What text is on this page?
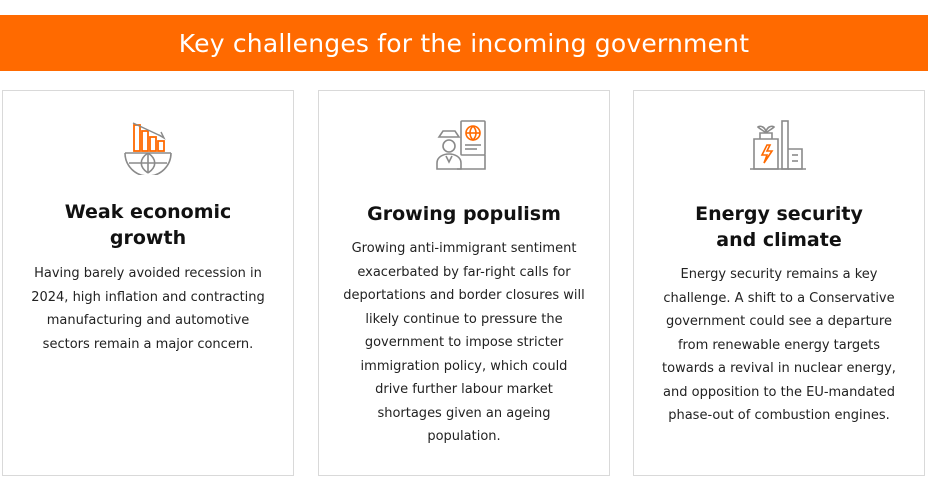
Key challenges for the incoming government
Weak economic
growth

Having barely avoided recession in 2024, high inflation and contracting manufacturing and automotive sectors remain a major concern.

Growing populism

Growing anti-immigrant sentiment exacerbated by far-right calls for deportations and border closures will likely continue to pressure the government to impose stricter immigration policy, which could drive further labour market shortages given an ageing population.

Energy security
and climate

Energy security remains a key challenge. A shift to a Conservative government could see a departure from renewable energy targets towards a revival in nuclear energy, and opposition to the EU-mandated phase-out of combustion engines.
